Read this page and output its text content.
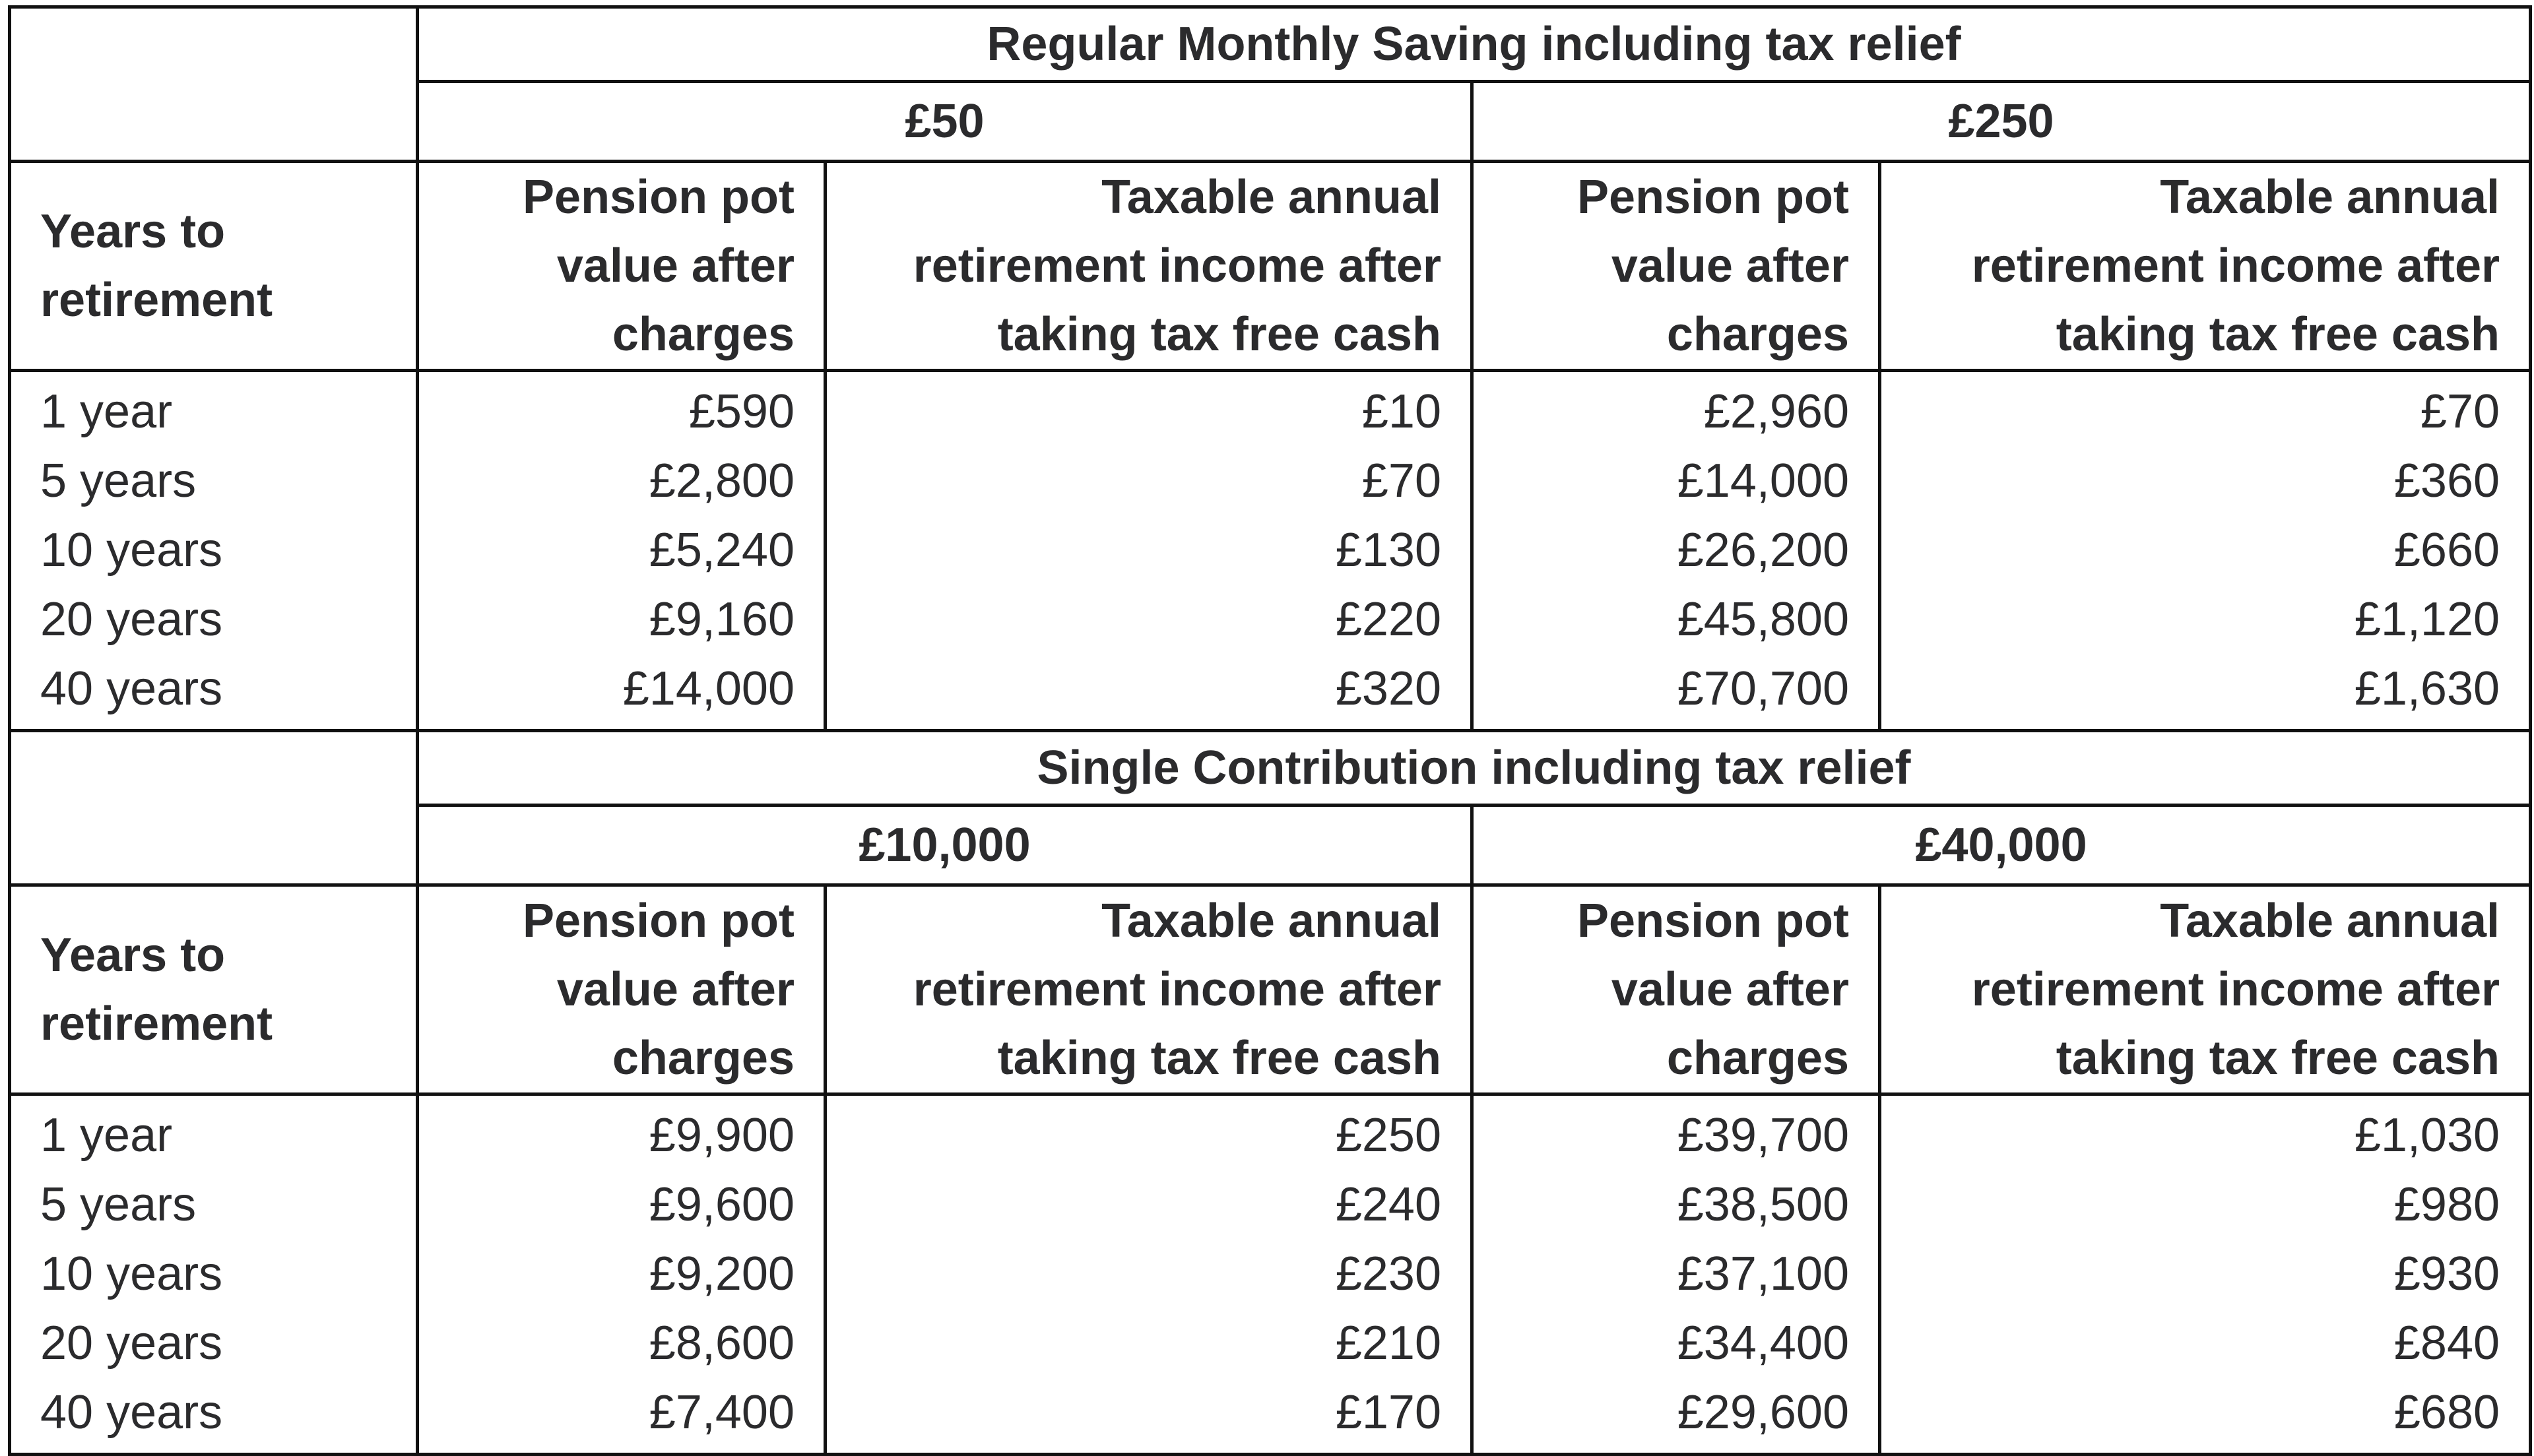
	Regular Monthly Saving including tax relief			
	£50		£250	

Years to
retirement	Pension pot
value after
charges	Taxable annual
retirement income after
taking tax free cash	Pension pot
value after
charges	Taxable annual
retirement income after
taking tax free cash

1 year	£590	£10	£2,960	£70
5 years	£2,800	£70	£14,000	£360
10 years	£5,240	£130	£26,200	£660
20 years	£9,160	£220	£45,800	£1,120
40 years	£14,000	£320	£70,700	£1,630
	Single Contribution including tax relief			
	£10,000		£40,000	

Years to
retirement	Pension pot
value after
charges	Taxable annual
retirement income after
taking tax free cash	Pension pot
value after
charges	Taxable annual
retirement income after
taking tax free cash

1 year	£9,900	£250	£39,700	£1,030
5 years	£9,600	£240	£38,500	£980
10 years	£9,200	£230	£37,100	£930
20 years	£8,600	£210	£34,400	£840
40 years	£7,400	£170	£29,600	£680
